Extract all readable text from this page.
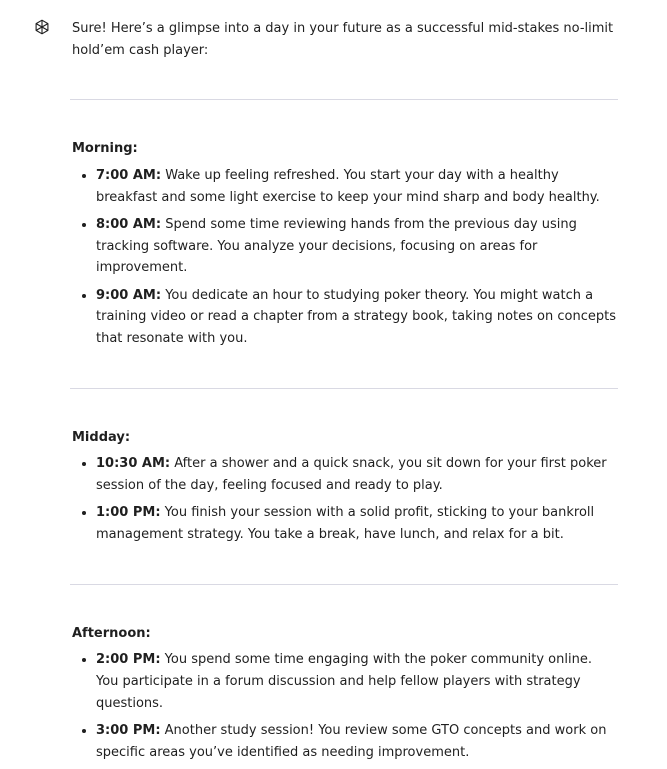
Sure! Here’s a glimpse into a day in your future as a successful mid-stakes no-limit hold’em cash player:

Morning:

7:00 AM: Wake up feeling refreshed. You start your day with a healthy breakfast and some light exercise to keep your mind sharp and body healthy.
8:00 AM: Spend some time reviewing hands from the previous day using tracking software. You analyze your decisions, focusing on areas for improvement.
9:00 AM: You dedicate an hour to studying poker theory. You might watch a training video or read a chapter from a strategy book, taking notes on concepts that resonate with you.

Midday:

10:30 AM: After a shower and a quick snack, you sit down for your first poker session of the day, feeling focused and ready to play.
1:00 PM: You finish your session with a solid profit, sticking to your bankroll management strategy. You take a break, have lunch, and relax for a bit.

Afternoon:

2:00 PM: You spend some time engaging with the poker community online. You participate in a forum discussion and help fellow players with strategy questions.
3:00 PM: Another study session! You review some GTO concepts and work on specific areas you’ve identified as needing improvement.
